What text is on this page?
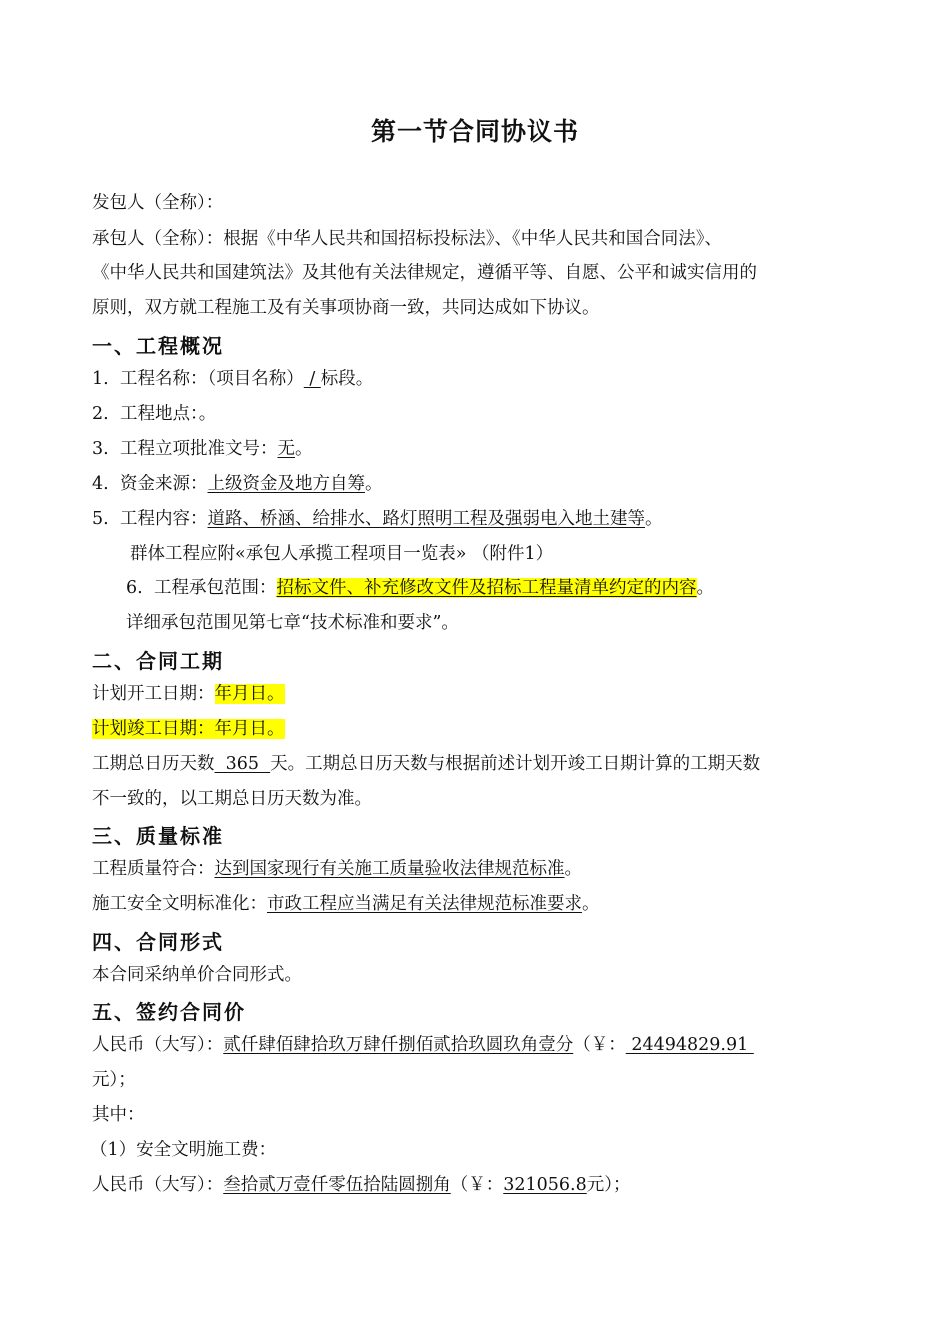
第一节合同协议书
发包人（全称）：
承包人（全称）：根据《中华人民共和国招标投标法》、《中华人民共和国合同法》、
《中华人民共和国建筑法》及其他有关法律规定，遵循平等、自愿、公平和诚实信用的
原则，双方就工程施工及有关事项协商一致，共同达成如下协议。
一、工程概况
1. 工程名称：（项目名称） / 标段。
2. 工程地点：。
3. 工程立项批准文号：无。
4. 资金来源：上级资金及地方自筹。
5. 工程内容：道路、桥涵、给排水、路灯照明工程及强弱电入地土建等。
群体工程应附«承包人承揽工程项目一览表» （附件1）
6. 工程承包范围：招标文件、补充修改文件及招标工程量清单约定的内容。
详细承包范围见第七章“技术标准和要求”。
二、合同工期
计划开工日期：年月日。
计划竣工日期：年月日。
工期总日历天数  365  天。工期总日历天数与根据前述计划开竣工日期计算的工期天数
不一致的，以工期总日历天数为准。
三、质量标准
工程质量符合：达到国家现行有关施工质量验收法律规范标准。
施工安全文明标准化：市政工程应当满足有关法律规范标准要求。
四、合同形式
本合同采纳单价合同形式。
五、签约合同价
人民币（大写）：贰仟肆佰肆拾玖万肆仟捌佰贰拾玖圆玖角壹分（￥： 24494829.91
元）；
其中：
（1）安全文明施工费：
人民币（大写）：叁拾贰万壹仟零伍拾陆圆捌角（￥：321056.8元）；
